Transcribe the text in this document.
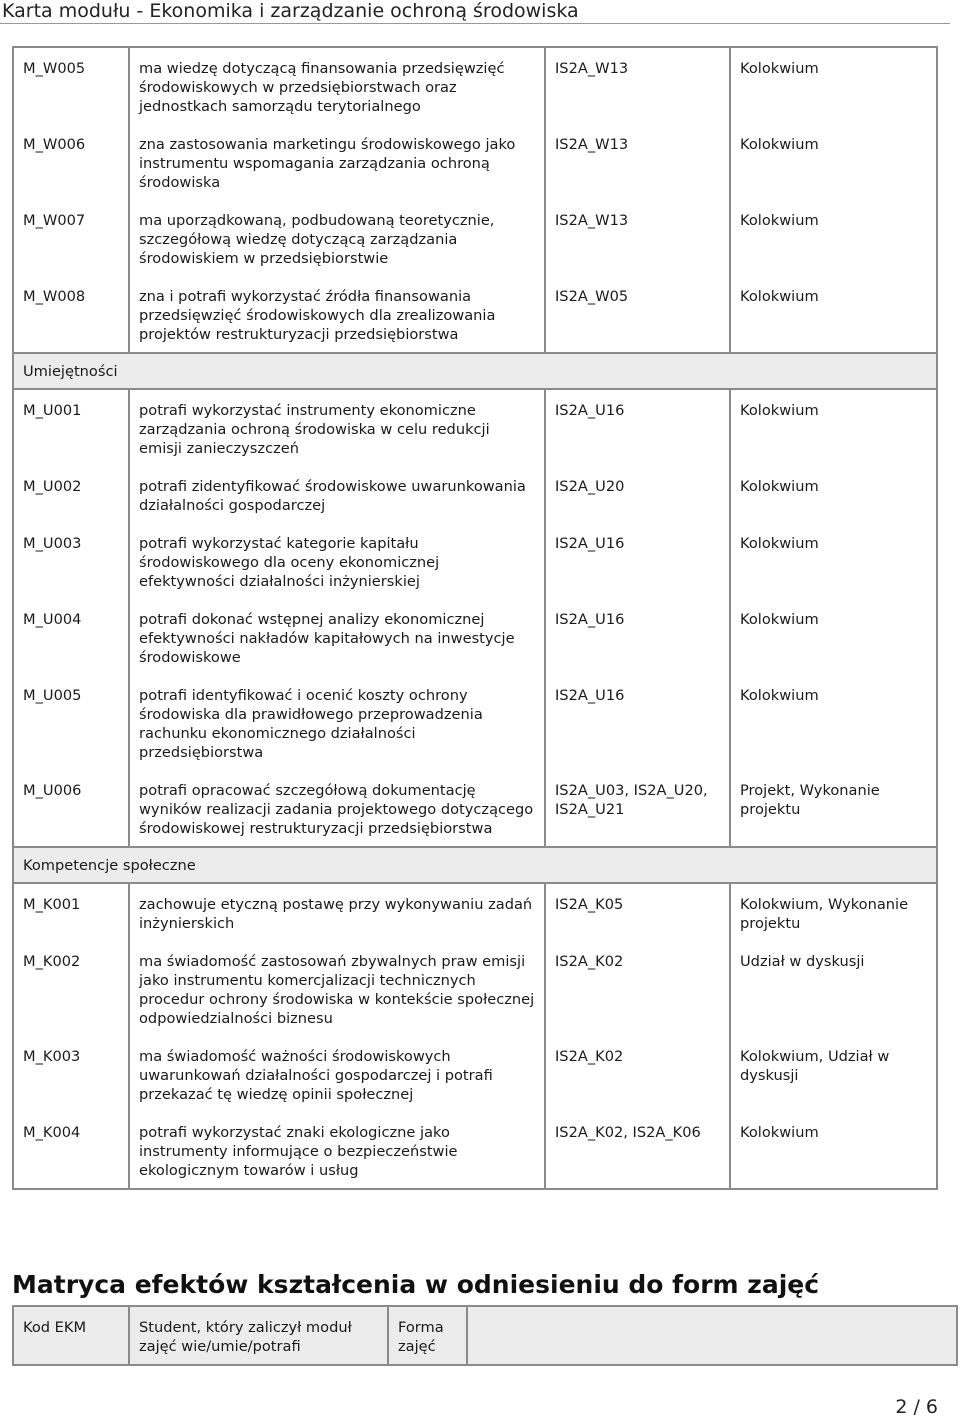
Karta modułu - Ekonomika i zarządzanie ochroną środowiska
M_W005	ma wiedzę dotyczącą finansowania przedsięwzięć środowiskowych w przedsiębiorstwach oraz jednostkach samorządu terytorialnego	IS2A_W13	Kolokwium
M_W006	zna zastosowania marketingu środowiskowego jako instrumentu wspomagania zarządzania ochroną środowiska	IS2A_W13	Kolokwium
M_W007	ma uporządkowaną, podbudowaną teoretycznie, szczegółową wiedzę dotyczącą zarządzania środowiskiem w przedsiębiorstwie	IS2A_W13	Kolokwium
M_W008	zna i potrafi wykorzystać źródła finansowania przedsięwzięć środowiskowych dla zrealizowania projektów restrukturyzacji przedsiębiorstwa	IS2A_W05	Kolokwium
Umiejętności			
M_U001	potrafi wykorzystać instrumenty ekonomiczne zarządzania ochroną środowiska w celu redukcji emisji zanieczyszczeń	IS2A_U16	Kolokwium
M_U002	potrafi zidentyfikować środowiskowe uwarunkowania działalności gospodarczej	IS2A_U20	Kolokwium
M_U003	potrafi wykorzystać kategorie kapitału środowiskowego dla oceny ekonomicznej efektywności działalności inżynierskiej	IS2A_U16	Kolokwium
M_U004	potrafi dokonać wstępnej analizy ekonomicznej efektywności nakładów kapitałowych na inwestycje środowiskowe	IS2A_U16	Kolokwium
M_U005	potrafi identyfikować i ocenić koszty ochrony środowiska dla prawidłowego przeprowadzenia rachunku ekonomicznego działalności przedsiębiorstwa	IS2A_U16	Kolokwium
M_U006	potrafi opracować szczegółową dokumentację wyników realizacji zadania projektowego dotyczącego środowiskowej restrukturyzacji przedsiębiorstwa	IS2A_U03, IS2A_U20, IS2A_U21	Projekt, Wykonanie projektu
Kompetencje społeczne			
M_K001	zachowuje etyczną postawę przy wykonywaniu zadań inżynierskich	IS2A_K05	Kolokwium, Wykonanie projektu
M_K002	ma świadomość zastosowań zbywalnych praw emisji jako instrumentu komercjalizacji technicznych procedur ochrony środowiska w kontekście społecznej odpowiedzialności biznesu	IS2A_K02	Udział w dyskusji
M_K003	ma świadomość ważności środowiskowych uwarunkowań działalności gospodarczej i potrafi przekazać tę wiedzę opinii społecznej	IS2A_K02	Kolokwium, Udział w dyskusji
M_K004	potrafi wykorzystać znaki ekologiczne jako instrumenty informujące o bezpieczeństwie ekologicznym towarów i usług	IS2A_K02, IS2A_K06	Kolokwium
Matryca efektów kształcenia w odniesieniu do form zajęć
Kod EKM	Student, który zaliczył moduł zajęć wie/umie/potrafi	Forma zajęć	
2 / 6
